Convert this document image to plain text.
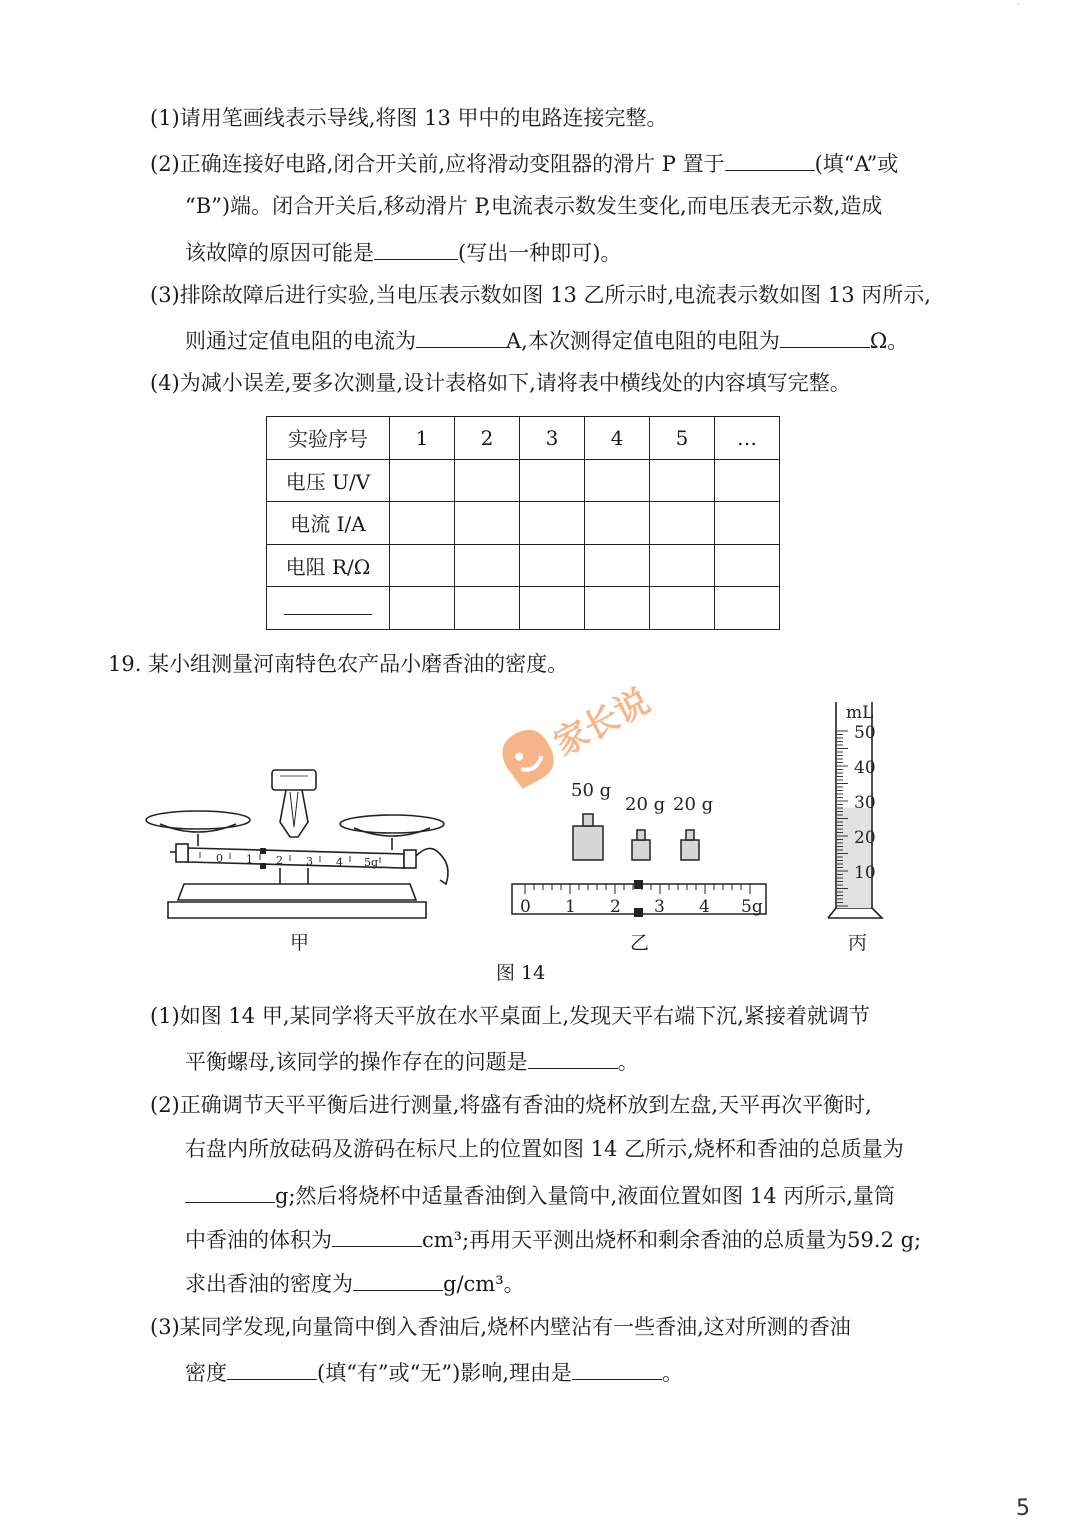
·
(1)请用笔画线表示导线,将图 13 甲中的电路连接完整。
(2)正确连接好电路,闭合开关前,应将滑动变阻器的滑片 P 置于	(填“A”或
“B”)端。闭合开关后,移动滑片 P,电流表示数发生变化,而电压表无示数,造成
该故障的原因可能是	(写出一种即可)。
(3)排除故障后进行实验,当电压表示数如图 13 乙所示时,电流表示数如图 13 丙所示,
则通过定值电阻的电流为	A,本次测得定值电阻的电阻为	Ω。
(4)为减小误差,要多次测量,设计表格如下,请将表中横线处的内容填写完整。
实验序号	1	2	3	4	5	…
电压 U/V						
电流 I/A						
电阻 R/Ω						

19. 某小组测量河南特色农产品小磨香油的密度。
0 1 2 3 4 5g
甲
50 g
20 g 20 g
0 1 2 3 4 5g
乙
mL
50
40
30
20
10
丙
图 14
家长说
(1)如图 14 甲,某同学将天平放在水平桌面上,发现天平右端下沉,紧接着就调节
平衡螺母,该同学的操作存在的问题是	。
(2)正确调节天平平衡后进行测量,将盛有香油的烧杯放到左盘,天平再次平衡时,
右盘内所放砝码及游码在标尺上的位置如图 14 乙所示,烧杯和香油的总质量为
g;然后将烧杯中适量香油倒入量筒中,液面位置如图 14 丙所示,量筒
中香油的体积为	cm³;再用天平测出烧杯和剩余香油的总质量为59.2 g;
求出香油的密度为	g/cm³。
(3)某同学发现,向量筒中倒入香油后,烧杯内壁沾有一些香油,这对所测的香油
密度	(填“有”或“无”)影响,理由是	。
5
